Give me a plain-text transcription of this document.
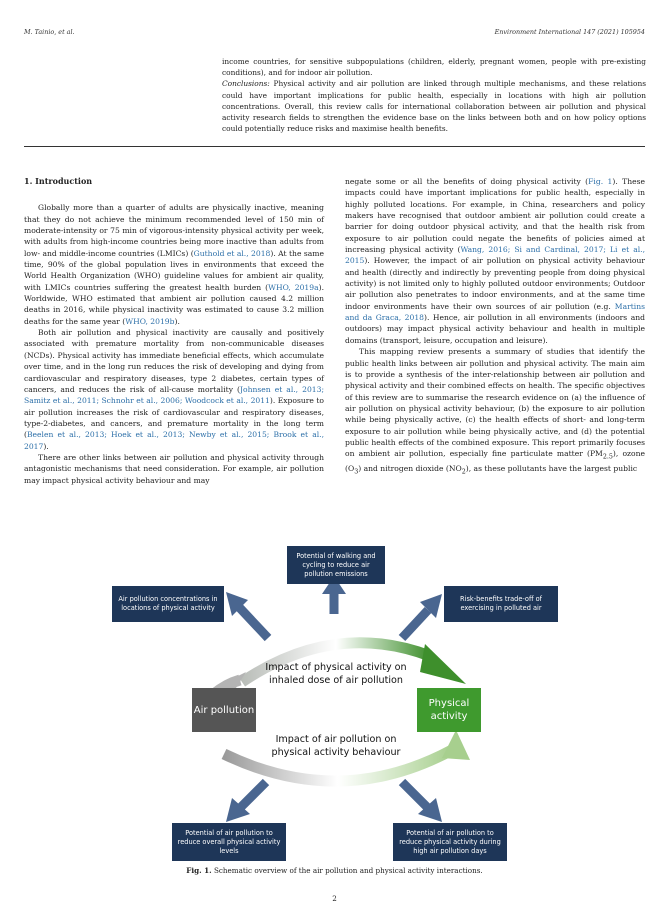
M. Tainio, et al.	Environment International 147 (2021) 105954

income countries, for sensitive subpopulations (children, elderly, pregnant women, people with pre-existing conditions), and for indoor air pollution.

Conclusions: Physical activity and air pollution are linked through multiple mechanisms, and these relations could have important implications for public health, especially in locations with high air pollution concentrations. Overall, this review calls for international collaboration between air pollution and physical activity research fields to strengthen the evidence base on the links between both and on how policy options could potentially reduce risks and maximise health benefits.

1. Introduction

Globally more than a quarter of adults are physically inactive, meaning that they do not achieve the minimum recommended level of 150 min of moderate-intensity or 75 min of vigorous-intensity physical activity per week, with adults from high-income countries being more inactive than adults from low- and middle-income countries (LMICs) (Guthold et al., 2018). At the same time, 90% of the global population lives in environments that exceed the World Health Organization (WHO) guideline values for ambient air quality, with LMICs countries suffering the greatest health burden (WHO, 2019a). Worldwide, WHO estimated that ambient air pollution caused 4.2 million deaths in 2016, while physical inactivity was estimated to cause 3.2 million deaths for the same year (WHO, 2019b).

Both air pollution and physical inactivity are causally and positively associated with premature mortality from non-communicable diseases (NCDs). Physical activity has immediate beneficial effects, which accumulate over time, and in the long run reduces the risk of developing and dying from cardiovascular and respiratory diseases, type 2 diabetes, certain types of cancers, and reduces the risk of all-cause mortality (Johnsen et al., 2013; Samitz et al., 2011; Schnohr et al., 2006; Woodcock et al., 2011). Exposure to air pollution increases the risk of cardiovascular and respiratory diseases, type-2-diabetes, and cancers, and premature mortality in the long term (Beelen et al., 2013; Hoek et al., 2013; Newby et al., 2015; Brook et al., 2017).

There are other links between air pollution and physical activity through antagonistic mechanisms that need consideration. For example, air pollution may impact physical activity behaviour and may

negate some or all the benefits of doing physical activity (Fig. 1). These impacts could have important implications for public health, especially in highly polluted locations. For example, in China, researchers and policy makers have recognised that outdoor ambient air pollution could create a barrier for doing outdoor physical activity, and that the health risk from exposure to air pollution could negate the benefits of policies aimed at increasing physical activity (Wang, 2016; Si and Cardinal, 2017; Li et al., 2015). However, the impact of air pollution on physical activity behaviour and health (directly and indirectly by preventing people from doing physical activity) is not limited only to highly polluted outdoor environments; Outdoor air pollution also penetrates to indoor environments, and at the same time indoor environments have their own sources of air pollution (e.g. Martins and da Graca, 2018). Hence, air pollution in all environments (indoors and outdoors) may impact physical activity behaviour and health in multiple domains (transport, leisure, occupation and leisure).

This mapping review presents a summary of studies that identify the public health links between air pollution and physical activity. The main aim is to provide a synthesis of the inter-relationship between air pollution and physical activity and their combined effects on health. The specific objectives of this review are to summarise the research evidence on (a) the influence of air pollution on physical activity behaviour, (b) the exposure to air pollution while being physically active, (c) the health effects of short- and long-term exposure to air pollution while being physically active, and (d) the potential public health effects of the combined exposure. This report primarily focuses on ambient air pollution, especially fine particulate matter $(PM_{2.5})$, ozone $(O_3)$ and nitrogen dioxide $(NO_2)$, as these pollutants have the largest public

Potential of walking and cycling to reduce air pollution emissions
Air pollution concentrations in locations of physical activity
Risk-benefits trade-off of exercising in polluted air
Potential of air pollution to reduce overall physical activity levels
Potential of air pollution to reduce physical activity during high air pollution days
Air pollution
Physical activity
Impact of physical activity on inhaled dose of air pollution
Impact of air pollution on physical activity behaviour
Fig. 1. Schematic overview of the air pollution and physical activity interactions.
2
